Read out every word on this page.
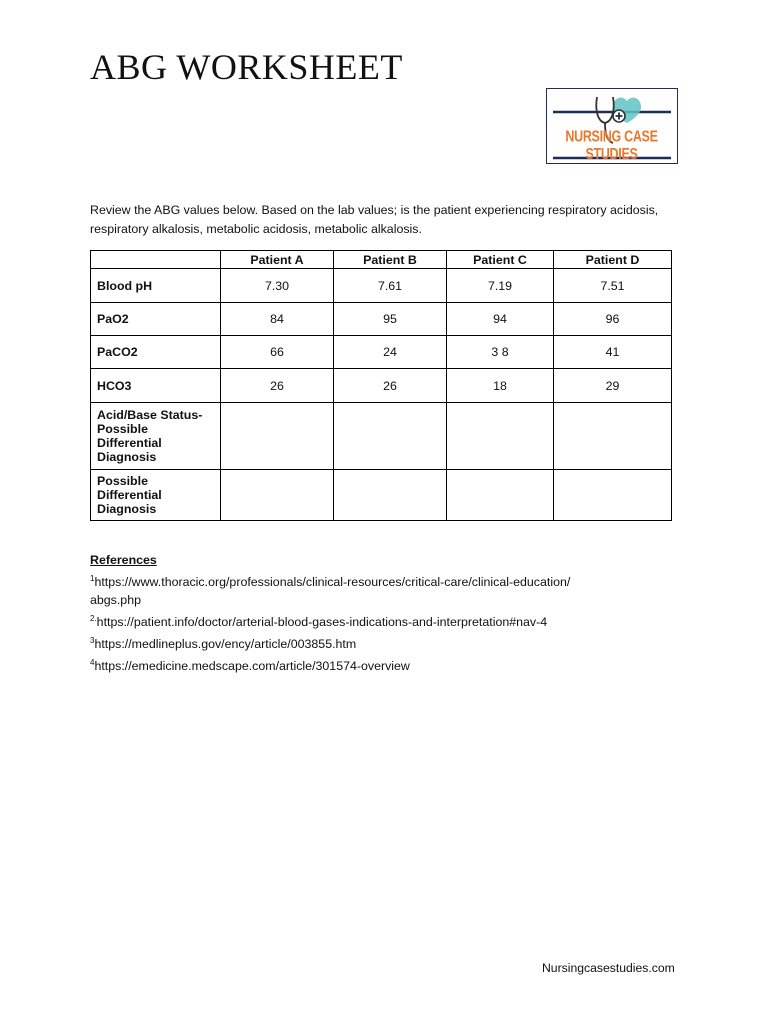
ABG WORKSHEET
NURSING CASE STUDIES

Review the ABG values below. Based on the lab values; is the patient experiencing respiratory acidosis, respiratory alkalosis, metabolic acidosis, metabolic alkalosis.

	Patient A	Patient B	Patient C	Patient D
Blood pH	7.30	7.61	7.19	7.51
PaO2	84	95	94	96
PaCO2	66	24	3 8	41
HCO3	26	26	18	29
Acid/Base Status- Possible Differential Diagnosis				
Possible Differential Diagnosis				
References
$^1$https://www.thoracic.org/professionals/clinical-resources/critical-care/clinical-education/
abgs.php
$^{2.}$https://patient.info/doctor/arterial-blood-gases-indications-and-interpretation#nav-4
$^3$https://medlineplus.gov/ency/article/003855.htm
$^4$https://emedicine.medscape.com/article/301574-overview
Nursingcasestudies.com
